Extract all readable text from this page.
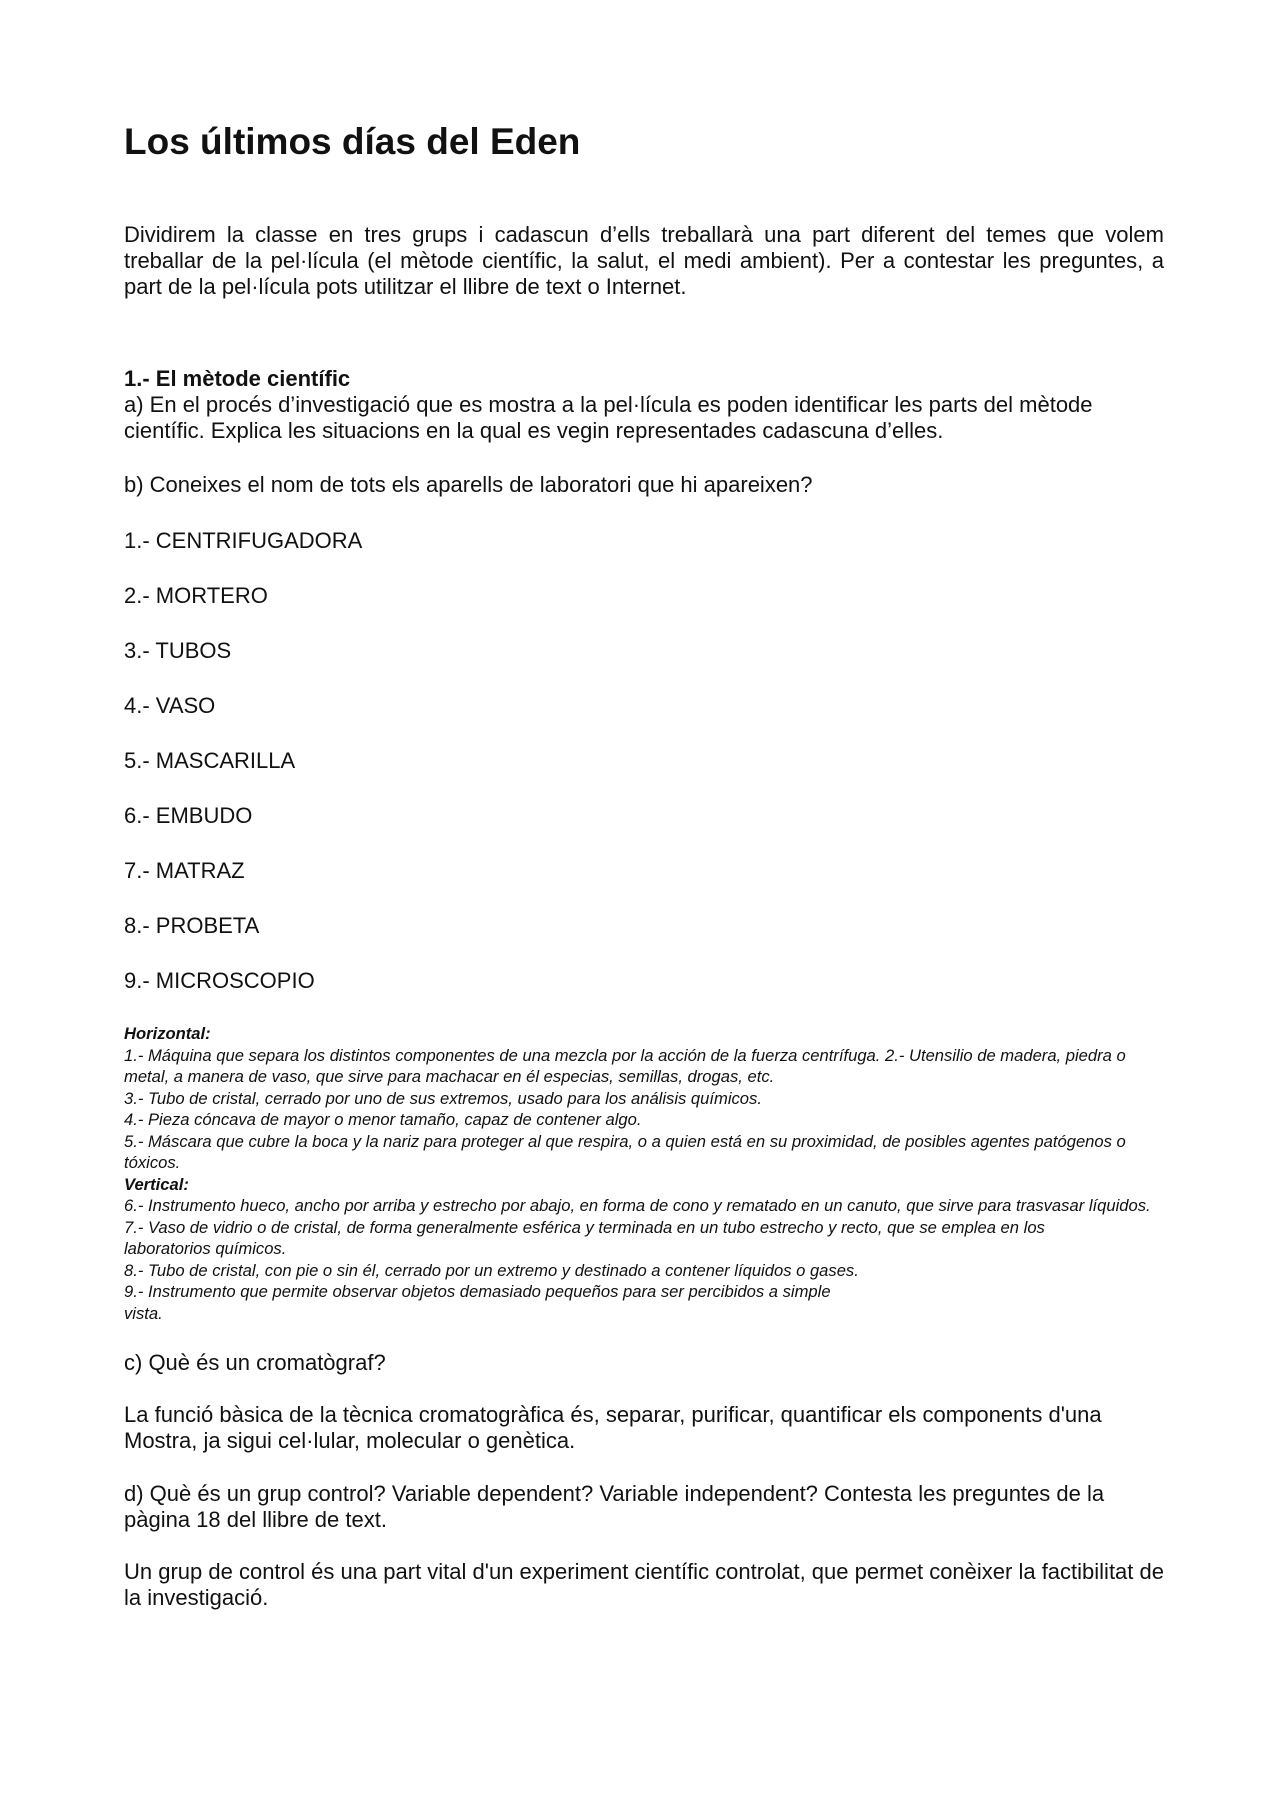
Los últimos días del Eden

Dividirem la classe en tres grups i cadascun d’ells treballarà una part diferent del temes que volem treballar de la pel·lícula (el mètode científic, la salut, el medi ambient). Per a contestar les preguntes, a part de la pel·lícula pots utilitzar el llibre de text o Internet.

1.- El mètode científic

a) En el procés d’investigació que es mostra a la pel·lícula es poden identificar les parts del mètode científic. Explica les situacions en la qual es vegin representades cadascuna d’elles.

b) Coneixes el nom de tots els aparells de laboratori que hi apareixen?

1.- CENTRIFUGADORA
2.- MORTERO
3.- TUBOS
4.- VASO
5.- MASCARILLA
6.- EMBUDO
7.- MATRAZ
8.- PROBETA
9.- MICROSCOPIO
Horizontal:

1.- Máquina que separa los distintos componentes de una mezcla por la acción de la fuerza centrífuga. 2.- Utensilio de madera, piedra o metal, a manera de vaso, que sirve para machacar en él especias, semillas, drogas, etc.

3.- Tubo de cristal, cerrado por uno de sus extremos, usado para los análisis químicos.

4.- Pieza cóncava de mayor o menor tamaño, capaz de contener algo.

5.- Máscara que cubre la boca y la nariz para proteger al que respira, o a quien está en su proximidad, de posibles agentes patógenos o tóxicos.

Vertical:

6.- Instrumento hueco, ancho por arriba y estrecho por abajo, en forma de cono y rematado en un canuto, que sirve para trasvasar líquidos.

7.- Vaso de vidrio o de cristal, de forma generalmente esférica y terminada en un tubo estrecho y recto, que se emplea en los

laboratorios químicos.

8.- Tubo de cristal, con pie o sin él, cerrado por un extremo y destinado a contener líquidos o gases.

9.- Instrumento que permite observar objetos demasiado pequeños para ser percibidos a simple

vista.

c) Què és un cromatògraf?

La funció bàsica de la tècnica cromatogràfica és, separar, purificar, quantificar els components d'una Mostra, ja sigui cel·lular, molecular o genètica.

d) Què és un grup control? Variable dependent? Variable independent? Contesta les preguntes de la pàgina 18 del llibre de text.

Un grup de control és una part vital d'un experiment científic controlat, que permet conèixer la factibilitat de la investigació.
